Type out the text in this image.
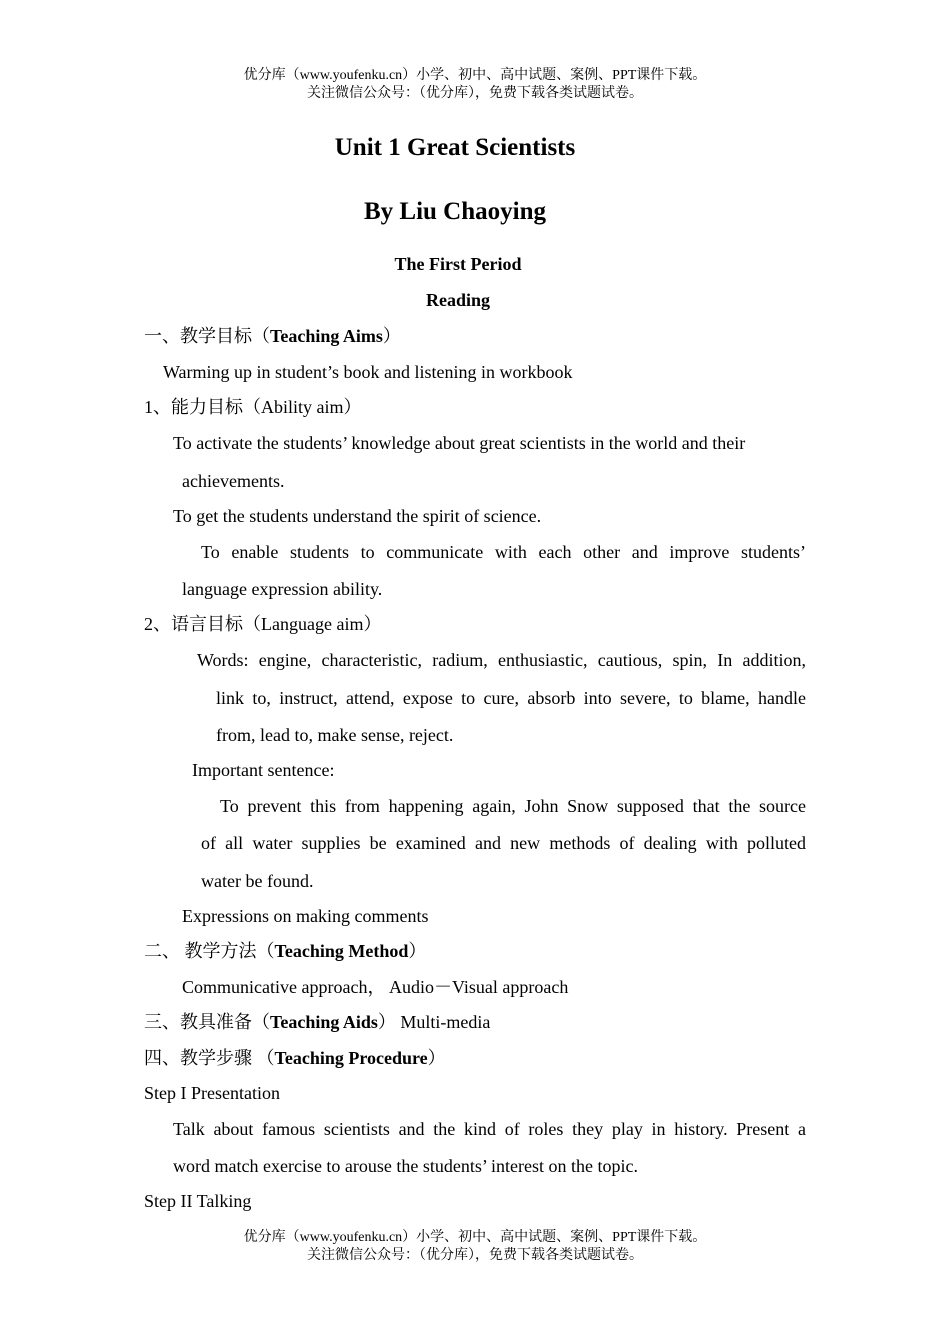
优分库（www.youfenku.cn）小学、初中、高中试题、案例、PPT课件下载。
关注微信公众号：（优分库），免费下载各类试题试卷。
Unit 1 Great Scientists
By Liu Chaoying
The First Period
Reading
一、教学目标（Teaching Aims）
Warming up in student’s book and listening in workbook
1、能力目标（Ability aim）
To activate the students’ knowledge about great scientists in the world and their
achievements.
To get the students understand the spirit of science.
To enable students to communicate with each other and improve students’
language expression ability.
2、语言目标（Language aim）
Words: engine, characteristic, radium, enthusiastic, cautious, spin, In addition,
link to, instruct, attend, expose to cure, absorb into severe, to blame, handle
from, lead to, make sense, reject.
Important sentence:
To prevent this from happening again, John Snow supposed that the source
of all water supplies be examined and new methods of dealing with polluted
water be found.
Expressions on making comments
二、 教学方法（Teaching Method）
Communicative approach， Audio－Visual approach
三、教具准备（Teaching Aids） Multi-media
四、教学步骤 （Teaching Procedure）
Step I Presentation
Talk about famous scientists and the kind of roles they play in history. Present a
word match exercise to arouse the students’ interest on the topic.
Step II Talking
优分库（www.youfenku.cn）小学、初中、高中试题、案例、PPT课件下载。
关注微信公众号：（优分库），免费下载各类试题试卷。
